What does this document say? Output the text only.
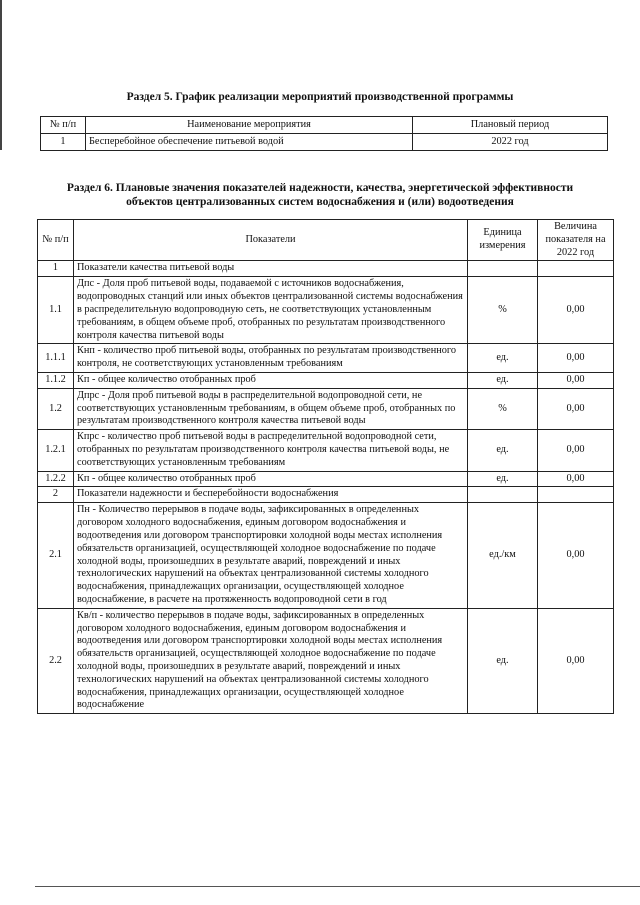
Раздел 5. График реализации мероприятий производственной программы
№ п/п	Наименование мероприятия	Плановый период
1	Бесперебойное обеспечение питьевой водой	2022 год
Раздел 6. Плановые значения показателей надежности, качества, энергетической эффективности
объектов централизованных систем водоснабжения и (или) водоотведения
№ п/п	Показатели	Единица измерения	Величина показателя на 2022 год
1	Показатели качества питьевой воды		
1.1	Дпс - Доля проб питьевой воды, подаваемой с источников водоснабжения, водопроводных станций или иных объектов централизованной системы водоснабжения в распределительную водопроводную сеть, не соответствующих установленным требованиям, в общем объеме проб, отобранных по результатам производственного контроля качества питьевой воды	%	0,00
1.1.1	Кнп - количество проб питьевой воды, отобранных по результатам производственного контроля, не соответствующих установленным требованиям	ед.	0,00
1.1.2	Кп - общее количество отобранных проб	ед.	0,00
1.2	Дпрс - Доля проб питьевой воды в распределительной водопроводной сети, не соответствующих установленным требованиям, в общем объеме проб, отобранных по результатам производственного контроля качества питьевой воды	%	0,00
1.2.1	Кпрс - количество проб питьевой воды в распределительной водопроводной сети, отобранных по результатам производственного контроля качества питьевой воды, не соответствующих установленным требованиям	ед.	0,00
1.2.2	Кп - общее количество отобранных проб	ед.	0,00
2	Показатели надежности и бесперебойности водоснабжения		
2.1	Пн - Количество перерывов в подаче воды, зафиксированных в определенных договором холодного водоснабжения, единым договором водоснабжения и водоотведения или договором транспортировки холодной воды местах исполнения обязательств организацией, осуществляющей холодное водоснабжение по подаче холодной воды, произошедших в результате аварий, повреждений и иных технологических нарушений на объектах централизованной системы холодного водоснабжения, принадлежащих организации, осуществляющей холодное водоснабжение, в расчете на протяженность водопроводной сети в год	ед./км	0,00
2.2	Кв/п - количество перерывов в подаче воды, зафиксированных в определенных договором холодного водоснабжения, единым договором водоснабжения и водоотведения или договором транспортировки холодной воды местах исполнения обязательств организацией, осуществляющей холодное водоснабжение по подаче холодной воды, произошедших в результате аварий, повреждений и иных технологических нарушений на объектах централизованной системы холодного водоснабжения, принадлежащих организации, осуществляющей холодное водоснабжение	ед.	0,00
